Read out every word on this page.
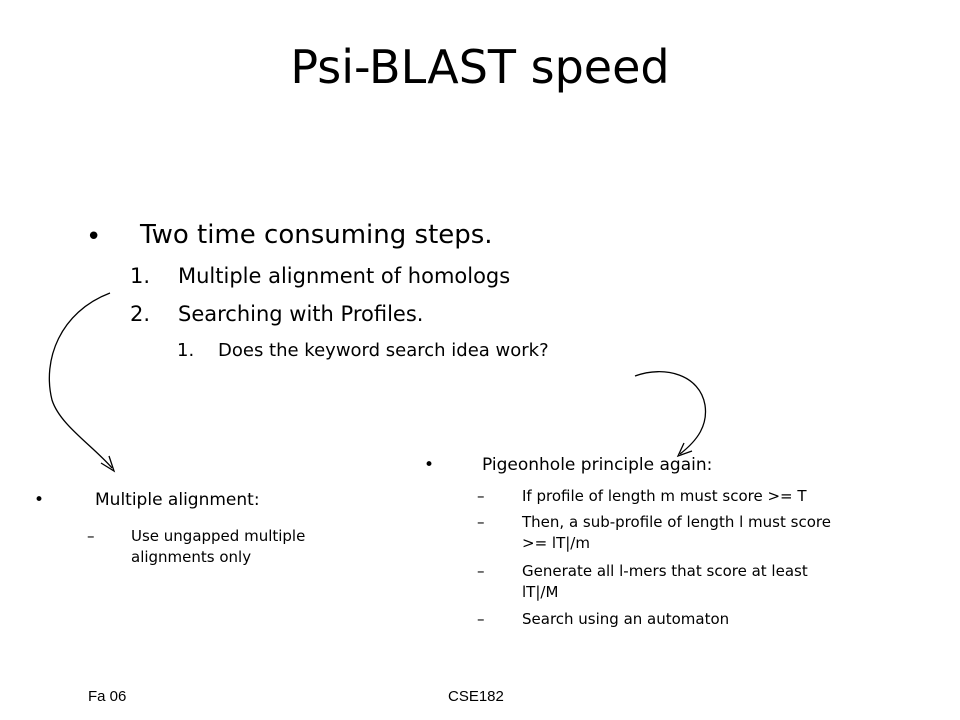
Psi-BLAST speed
• Two time consuming steps.
1. Multiple alignment of homologs
2. Searching with Profiles.
1. Does the keyword search idea work?
•	Multiple alignment:
– Use ungapped multiple
alignments only
•	Pigeonhole principle again:
–	If profile of length m must score >= T
–	Then, a sub-profile of length l must score
>= lT|/m
–	Generate all l-mers that score at least
lT|/M
–	Search using an automaton
Fa 06	CSE182
